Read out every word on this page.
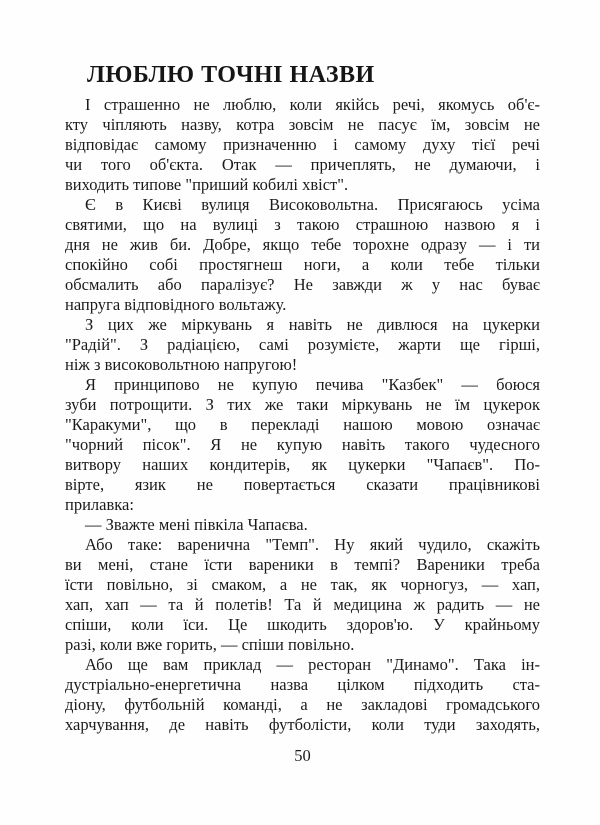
ЛЮБЛЮ ТОЧНІ НАЗВИ
І страшенно не люблю, коли якійсь речі, якомусь об'є-
кту чіпляють назву, котра зовсім не пасує їм, зовсім не
відповідає самому призначенню і самому духу тієї речі
чи того об'єкта. Отак — причеплять, не думаючи, і
виходить типове "приший кобилі хвіст".
Є в Києві вулиця Високовольтна. Присягаюсь усіма
святими, що на вулиці з такою страшною назвою я і
дня не жив би. Добре, якщо тебе торохне одразу — і ти
спокійно собі простягнеш ноги, а коли тебе тільки
обсмалить або паралізує? Не завжди ж у нас буває
напруга відповідного вольтажу.
З цих же міркувань я навіть не дивлюся на цукерки
"Радій". З радіацією, самі розумієте, жарти ще гірші,
ніж з високовольтною напругою!
Я принципово не купую печива "Казбек" — боюся
зуби потрощити. З тих же таки міркувань не їм цукерок
"Каракуми", що в перекладі нашою мовою означає
"чорний пісок". Я не купую навіть такого чудесного
витвору наших кондитерів, як цукерки "Чапаєв". По-
вірте, язик не повертається сказати працівникові
прилавка:
— Зважте мені півкіла Чапаєва.
Або таке: варенична "Темп". Ну який чудило, скажіть
ви мені, стане їсти вареники в темпі? Вареники треба
їсти повільно, зі смаком, а не так, як чорногуз, — хап,
хап, хап — та й полетів! Та й медицина ж радить — не
спіши, коли їси. Це шкодить здоров'ю. У крайньому
разі, коли вже горить, — спіши повільно.
Або ще вам приклад — ресторан "Динамо". Така ін-
дустріально-енергетична назва цілком підходить ста-
діону, футбольній команді, а не закладові громадського
харчування, де навіть футболісти, коли туди заходять,
50
